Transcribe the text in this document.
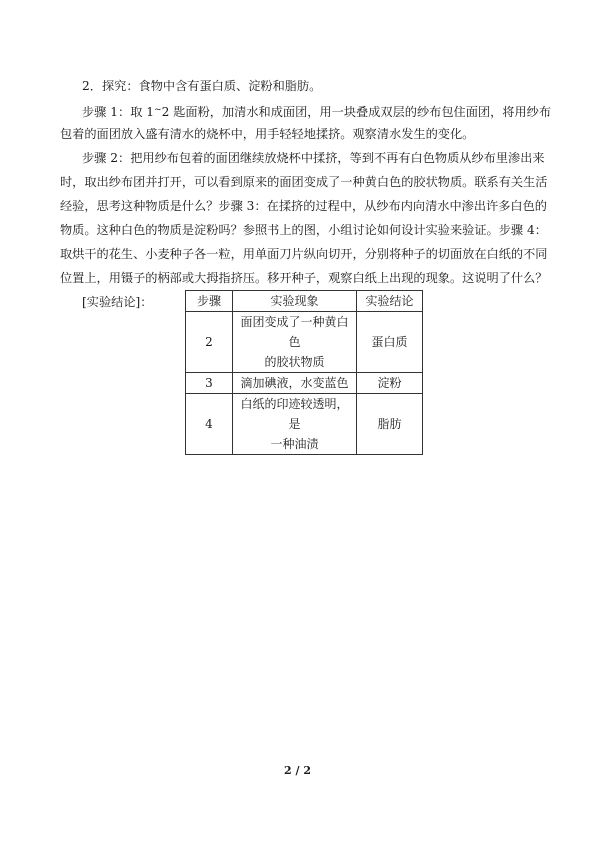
2．探究：食物中含有蛋白质、淀粉和脂肪。
步骤 1：取 1~2 匙面粉，加清水和成面团，用一块叠成双层的纱布包住面团，将用纱布
包着的面团放入盛有清水的烧杯中，用手轻轻地揉挤。观察清水发生的变化。
步骤 2：把用纱布包着的面团继续放烧杯中揉挤，等到不再有白色物质从纱布里渗出来
时，取出纱布团并打开，可以看到原来的面团变成了一种黄白色的胶状物质。联系有关生活
经验，思考这种物质是什么？步骤 3：在揉挤的过程中，从纱布内向清水中渗出许多白色的
物质。这种白色的物质是淀粉吗？参照书上的图，小组讨论如何设计实验来验证。步骤 4：
取烘干的花生、小麦种子各一粒，用单面刀片纵向切开，分别将种子的切面放在白纸的不同
位置上，用镊子的柄部或大拇指挤压。移开种子，观察白纸上出现的现象。这说明了什么？
[实验结论]：	步骤	实验现象	实验结论
2	面团变成了一种黄白色
的胶状物质	蛋白质
3	滴加碘液，水变蓝色	淀粉
4	白纸的印迹较透明，是
一种油渍	脂肪
2 / 2
